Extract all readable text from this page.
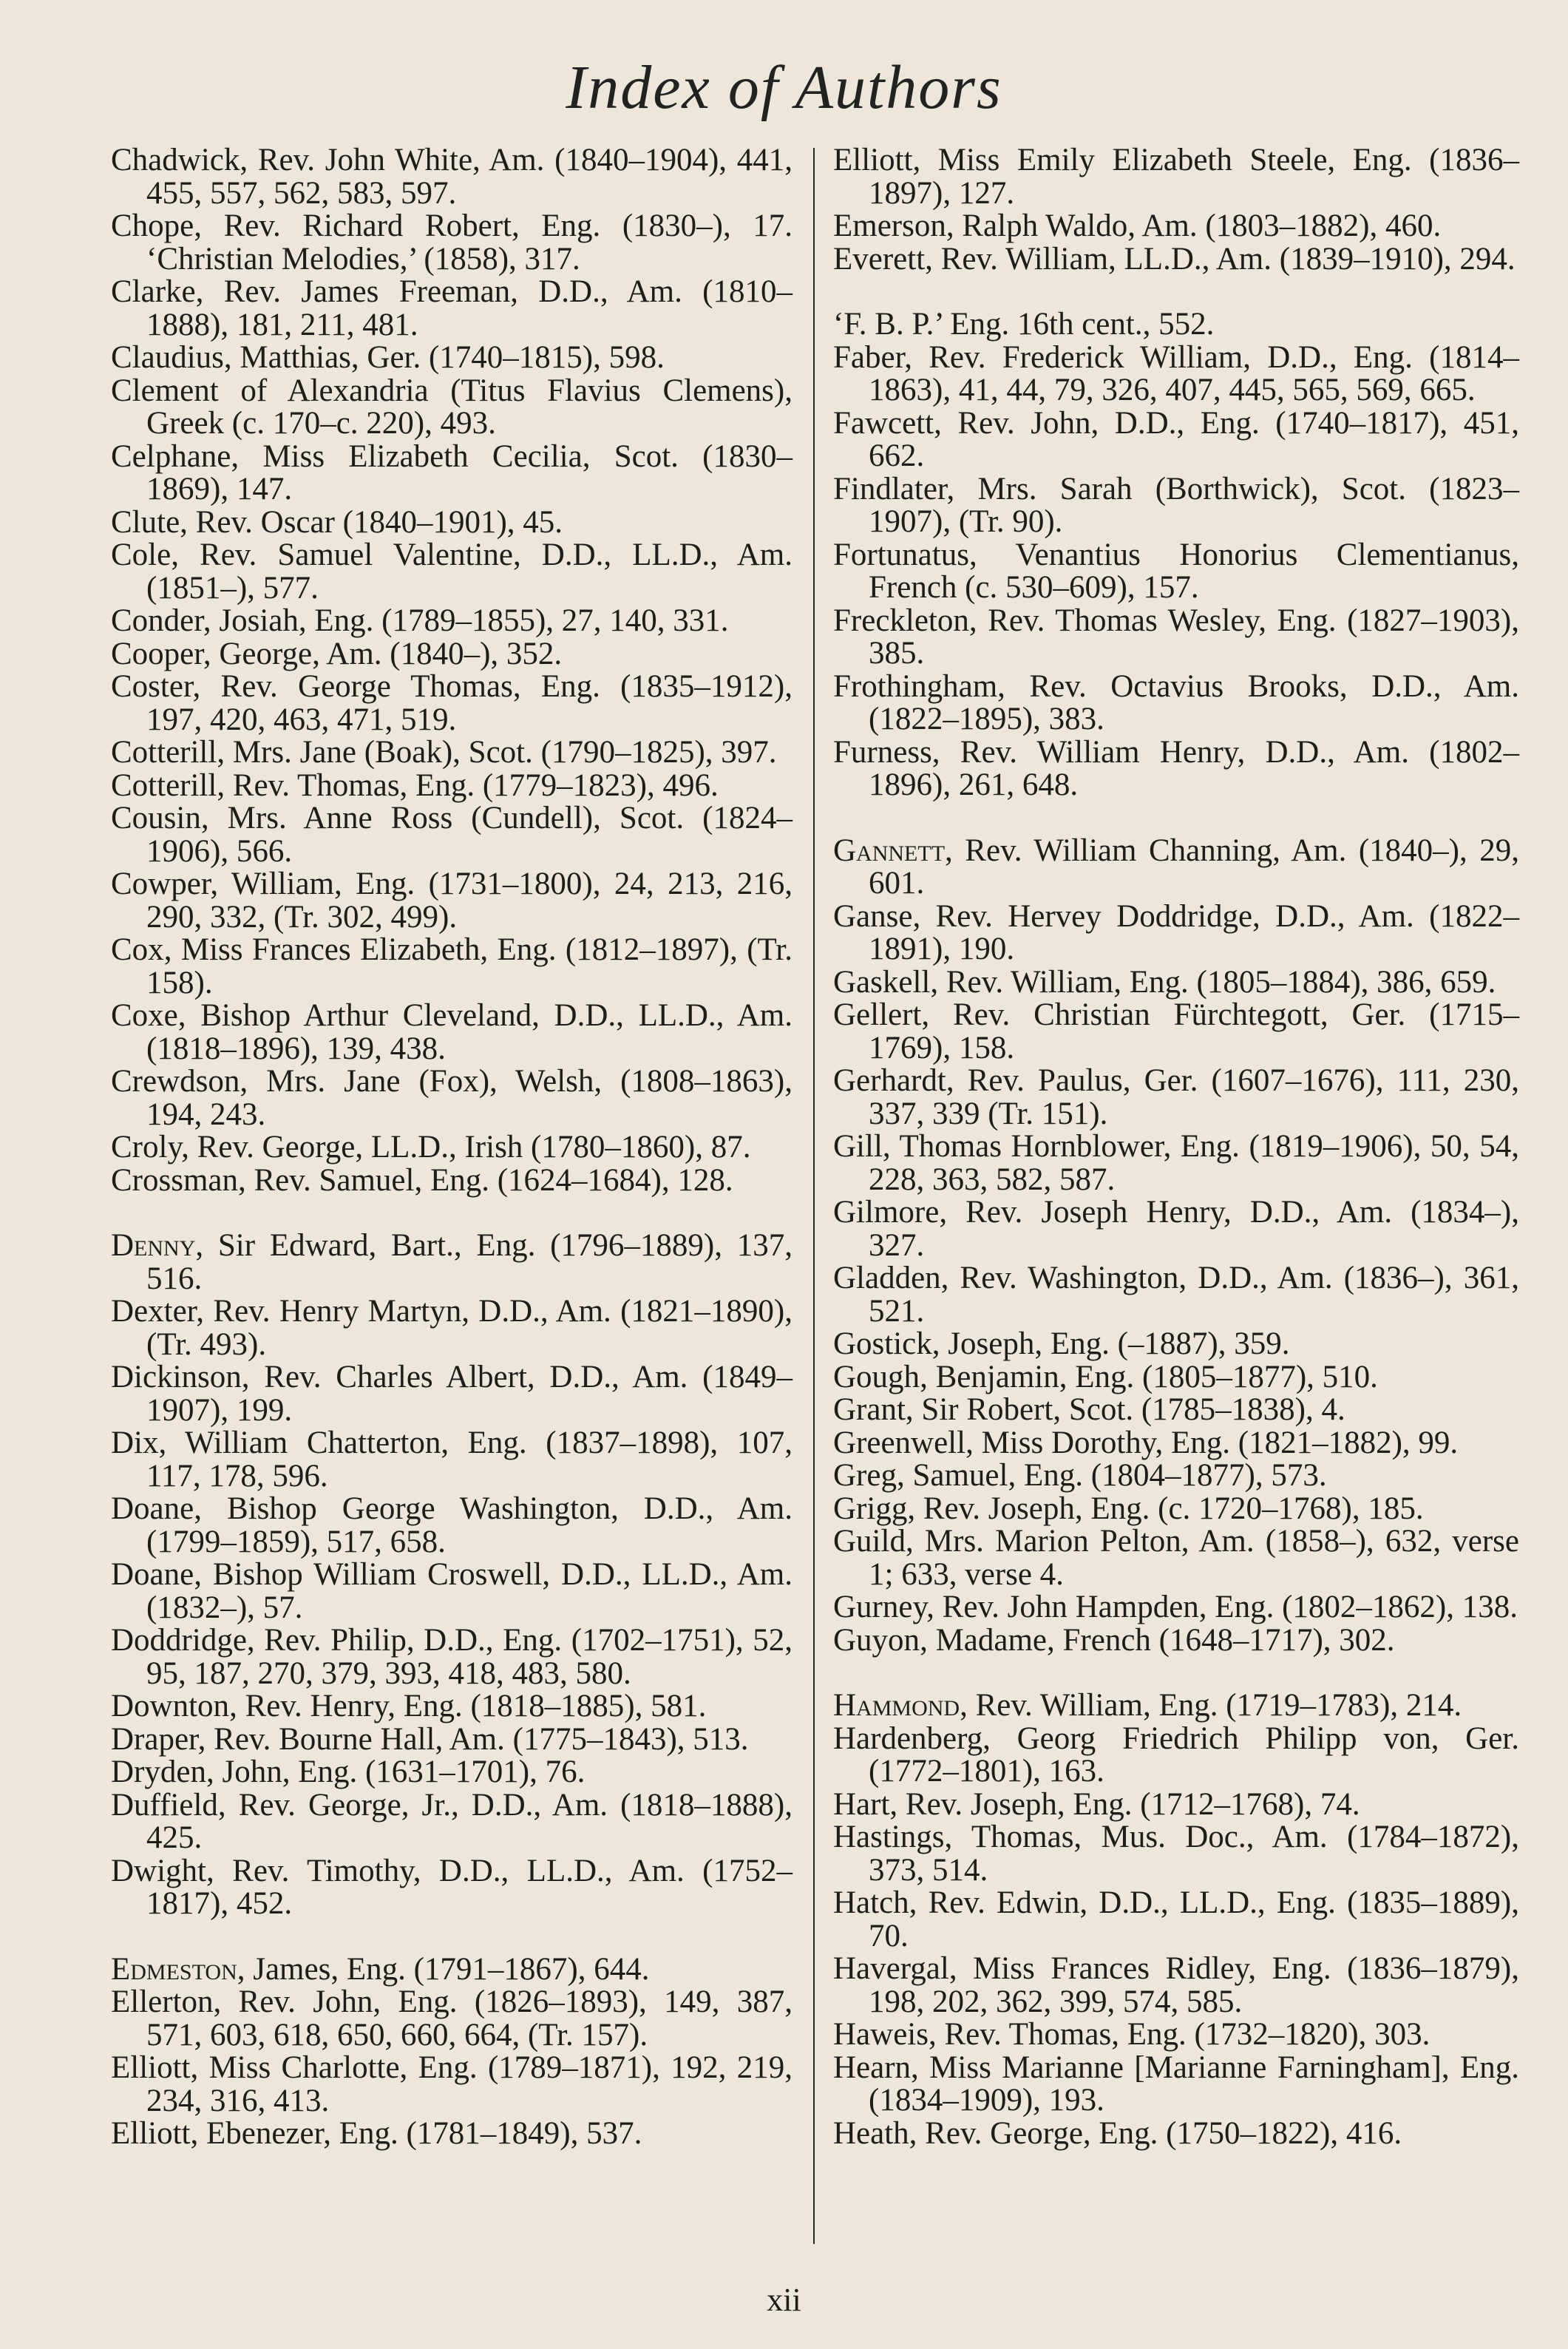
Index of Authors

Chadwick, Rev. John White, Am. (1840–1904), 441, 455, 557, 562, 583, 597.

Chope, Rev. Richard Robert, Eng. (1830–), 17. ‘Christian Melodies,’ (1858), 317.

Clarke, Rev. James Freeman, D.D., Am. (1810–1888), 181, 211, 481.

Claudius, Matthias, Ger. (1740–1815), 598.

Clement of Alexandria (Titus Flavius Clemens), Greek (c. 170–c. 220), 493.

Celphane, Miss Elizabeth Cecilia, Scot. (1830–1869), 147.

Clute, Rev. Oscar (1840–1901), 45.

Cole, Rev. Samuel Valentine, D.D., LL.D., Am. (1851–), 577.

Conder, Josiah, Eng. (1789–1855), 27, 140, 331.

Cooper, George, Am. (1840–), 352.

Coster, Rev. George Thomas, Eng. (1835–1912), 197, 420, 463, 471, 519.

Cotterill, Mrs. Jane (Boak), Scot. (1790–1825), 397.

Cotterill, Rev. Thomas, Eng. (1779–1823), 496.

Cousin, Mrs. Anne Ross (Cundell), Scot. (1824–1906), 566.

Cowper, William, Eng. (1731–1800), 24, 213, 216, 290, 332, (Tr. 302, 499).

Cox, Miss Frances Elizabeth, Eng. (1812–1897), (Tr. 158).

Coxe, Bishop Arthur Cleveland, D.D., LL.D., Am. (1818–1896), 139, 438.

Crewdson, Mrs. Jane (Fox), Welsh, (1808–1863), 194, 243.

Croly, Rev. George, LL.D., Irish (1780–1860), 87.

Crossman, Rev. Samuel, Eng. (1624–1684), 128.

Denny, Sir Edward, Bart., Eng. (1796–1889), 137, 516.

Dexter, Rev. Henry Martyn, D.D., Am. (1821–1890), (Tr. 493).

Dickinson, Rev. Charles Albert, D.D., Am. (1849–1907), 199.

Dix, William Chatterton, Eng. (1837–1898), 107, 117, 178, 596.

Doane, Bishop George Washington, D.D., Am. (1799–1859), 517, 658.

Doane, Bishop William Croswell, D.D., LL.D., Am. (1832–), 57.

Doddridge, Rev. Philip, D.D., Eng. (1702–1751), 52, 95, 187, 270, 379, 393, 418, 483, 580.

Downton, Rev. Henry, Eng. (1818–1885), 581.

Draper, Rev. Bourne Hall, Am. (1775–1843), 513.

Dryden, John, Eng. (1631–1701), 76.

Duffield, Rev. George, Jr., D.D., Am. (1818–1888), 425.

Dwight, Rev. Timothy, D.D., LL.D., Am. (1752–1817), 452.

Edmeston, James, Eng. (1791–1867), 644.

Ellerton, Rev. John, Eng. (1826–1893), 149, 387, 571, 603, 618, 650, 660, 664, (Tr. 157).

Elliott, Miss Charlotte, Eng. (1789–1871), 192, 219, 234, 316, 413.

Elliott, Ebenezer, Eng. (1781–1849), 537.

Elliott, Miss Emily Elizabeth Steele, Eng. (1836–1897), 127.

Emerson, Ralph Waldo, Am. (1803–1882), 460.

Everett, Rev. William, LL.D., Am. (1839–1910), 294.

‘F. B. P.’ Eng. 16th cent., 552.

Faber, Rev. Frederick William, D.D., Eng. (1814–1863), 41, 44, 79, 326, 407, 445, 565, 569, 665.

Fawcett, Rev. John, D.D., Eng. (1740–1817), 451, 662.

Findlater, Mrs. Sarah (Borthwick), Scot. (1823–1907), (Tr. 90).

Fortunatus, Venantius Honorius Clementianus, French (c. 530–609), 157.

Freckleton, Rev. Thomas Wesley, Eng. (1827–1903), 385.

Frothingham, Rev. Octavius Brooks, D.D., Am. (1822–1895), 383.

Furness, Rev. William Henry, D.D., Am. (1802–1896), 261, 648.

Gannett, Rev. William Channing, Am. (1840–), 29, 601.

Ganse, Rev. Hervey Doddridge, D.D., Am. (1822–1891), 190.

Gaskell, Rev. William, Eng. (1805–1884), 386, 659.

Gellert, Rev. Christian Fürchtegott, Ger. (1715–1769), 158.

Gerhardt, Rev. Paulus, Ger. (1607–1676), 111, 230, 337, 339 (Tr. 151).

Gill, Thomas Hornblower, Eng. (1819–1906), 50, 54, 228, 363, 582, 587.

Gilmore, Rev. Joseph Henry, D.D., Am. (1834–), 327.

Gladden, Rev. Washington, D.D., Am. (1836–), 361, 521.

Gostick, Joseph, Eng. (–1887), 359.

Gough, Benjamin, Eng. (1805–1877), 510.

Grant, Sir Robert, Scot. (1785–1838), 4.

Greenwell, Miss Dorothy, Eng. (1821–1882), 99.

Greg, Samuel, Eng. (1804–1877), 573.

Grigg, Rev. Joseph, Eng. (c. 1720–1768), 185.

Guild, Mrs. Marion Pelton, Am. (1858–), 632, verse 1; 633, verse 4.

Gurney, Rev. John Hampden, Eng. (1802–1862), 138.

Guyon, Madame, French (1648–1717), 302.

Hammond, Rev. William, Eng. (1719–1783), 214.

Hardenberg, Georg Friedrich Philipp von, Ger. (1772–1801), 163.

Hart, Rev. Joseph, Eng. (1712–1768), 74.

Hastings, Thomas, Mus. Doc., Am. (1784–1872), 373, 514.

Hatch, Rev. Edwin, D.D., LL.D., Eng. (1835–1889), 70.

Havergal, Miss Frances Ridley, Eng. (1836–1879), 198, 202, 362, 399, 574, 585.

Haweis, Rev. Thomas, Eng. (1732–1820), 303.

Hearn, Miss Marianne [Marianne Farningham], Eng. (1834–1909), 193.

Heath, Rev. George, Eng. (1750–1822), 416.

xii
